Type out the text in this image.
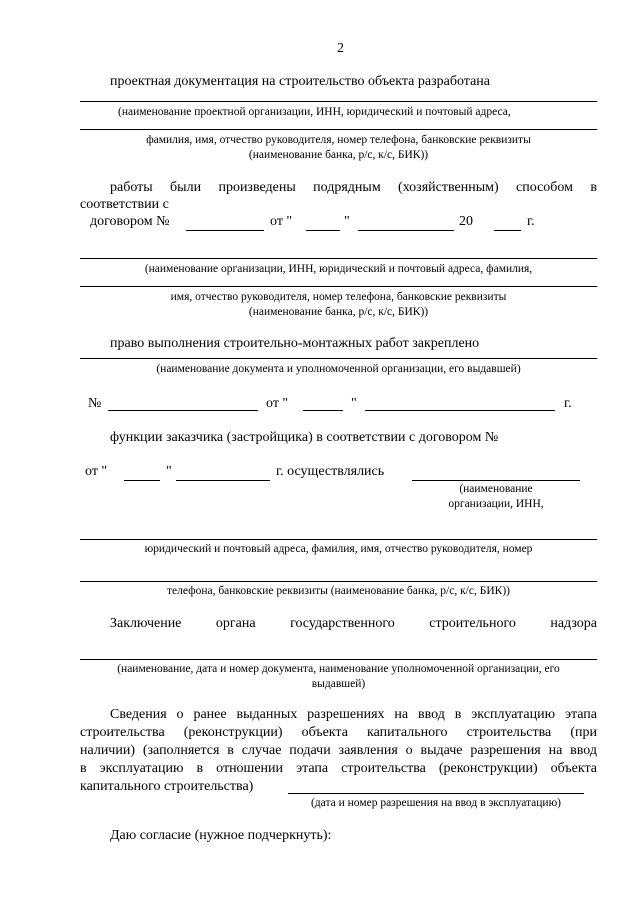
2
проектная документация на строительство объекта разработана
(наименование проектной организации, ИНН, юридический и почтовый адреса,
фамилия, имя, отчество руководителя, номер телефона, банковские реквизиты
(наименование банка, р/с, к/с, БИК))
работы были произведены подрядным (хозяйственным) способом в
соответствии с
договором №	от "	"	20	г.
(наименование организации, ИНН, юридический и почтовый адреса, фамилия,
имя, отчество руководителя, номер телефона, банковские реквизиты
(наименование банка, р/с, к/с, БИК))
право выполнения строительно-монтажных работ закреплено
(наименование документа и уполномоченной организации, его выдавшей)
№	от "	"	г.
функции заказчика (застройщика) в соответствии с договором №
от "	"	г. осуществлялись
(наименование
организации, ИНН,
юридический и почтовый адреса, фамилия, имя, отчество руководителя, номер
телефона, банковские реквизиты (наименование банка, р/с, к/с, БИК))
Заключение органа государственного строительного надзора
(наименование, дата и номер документа, наименование уполномоченной организации, его
выдавшей)
Сведения о ранее выданных разрешениях на ввод в эксплуатацию этапа
строительства (реконструкции) объекта капитального строительства (при
наличии) (заполняется в случае подачи заявления о выдаче разрешения на ввод
в эксплуатацию в отношении этапа строительства (реконструкции) объекта
капитального строительства)
(дата и номер разрешения на ввод в эксплуатацию)
Даю согласие (нужное подчеркнуть):
